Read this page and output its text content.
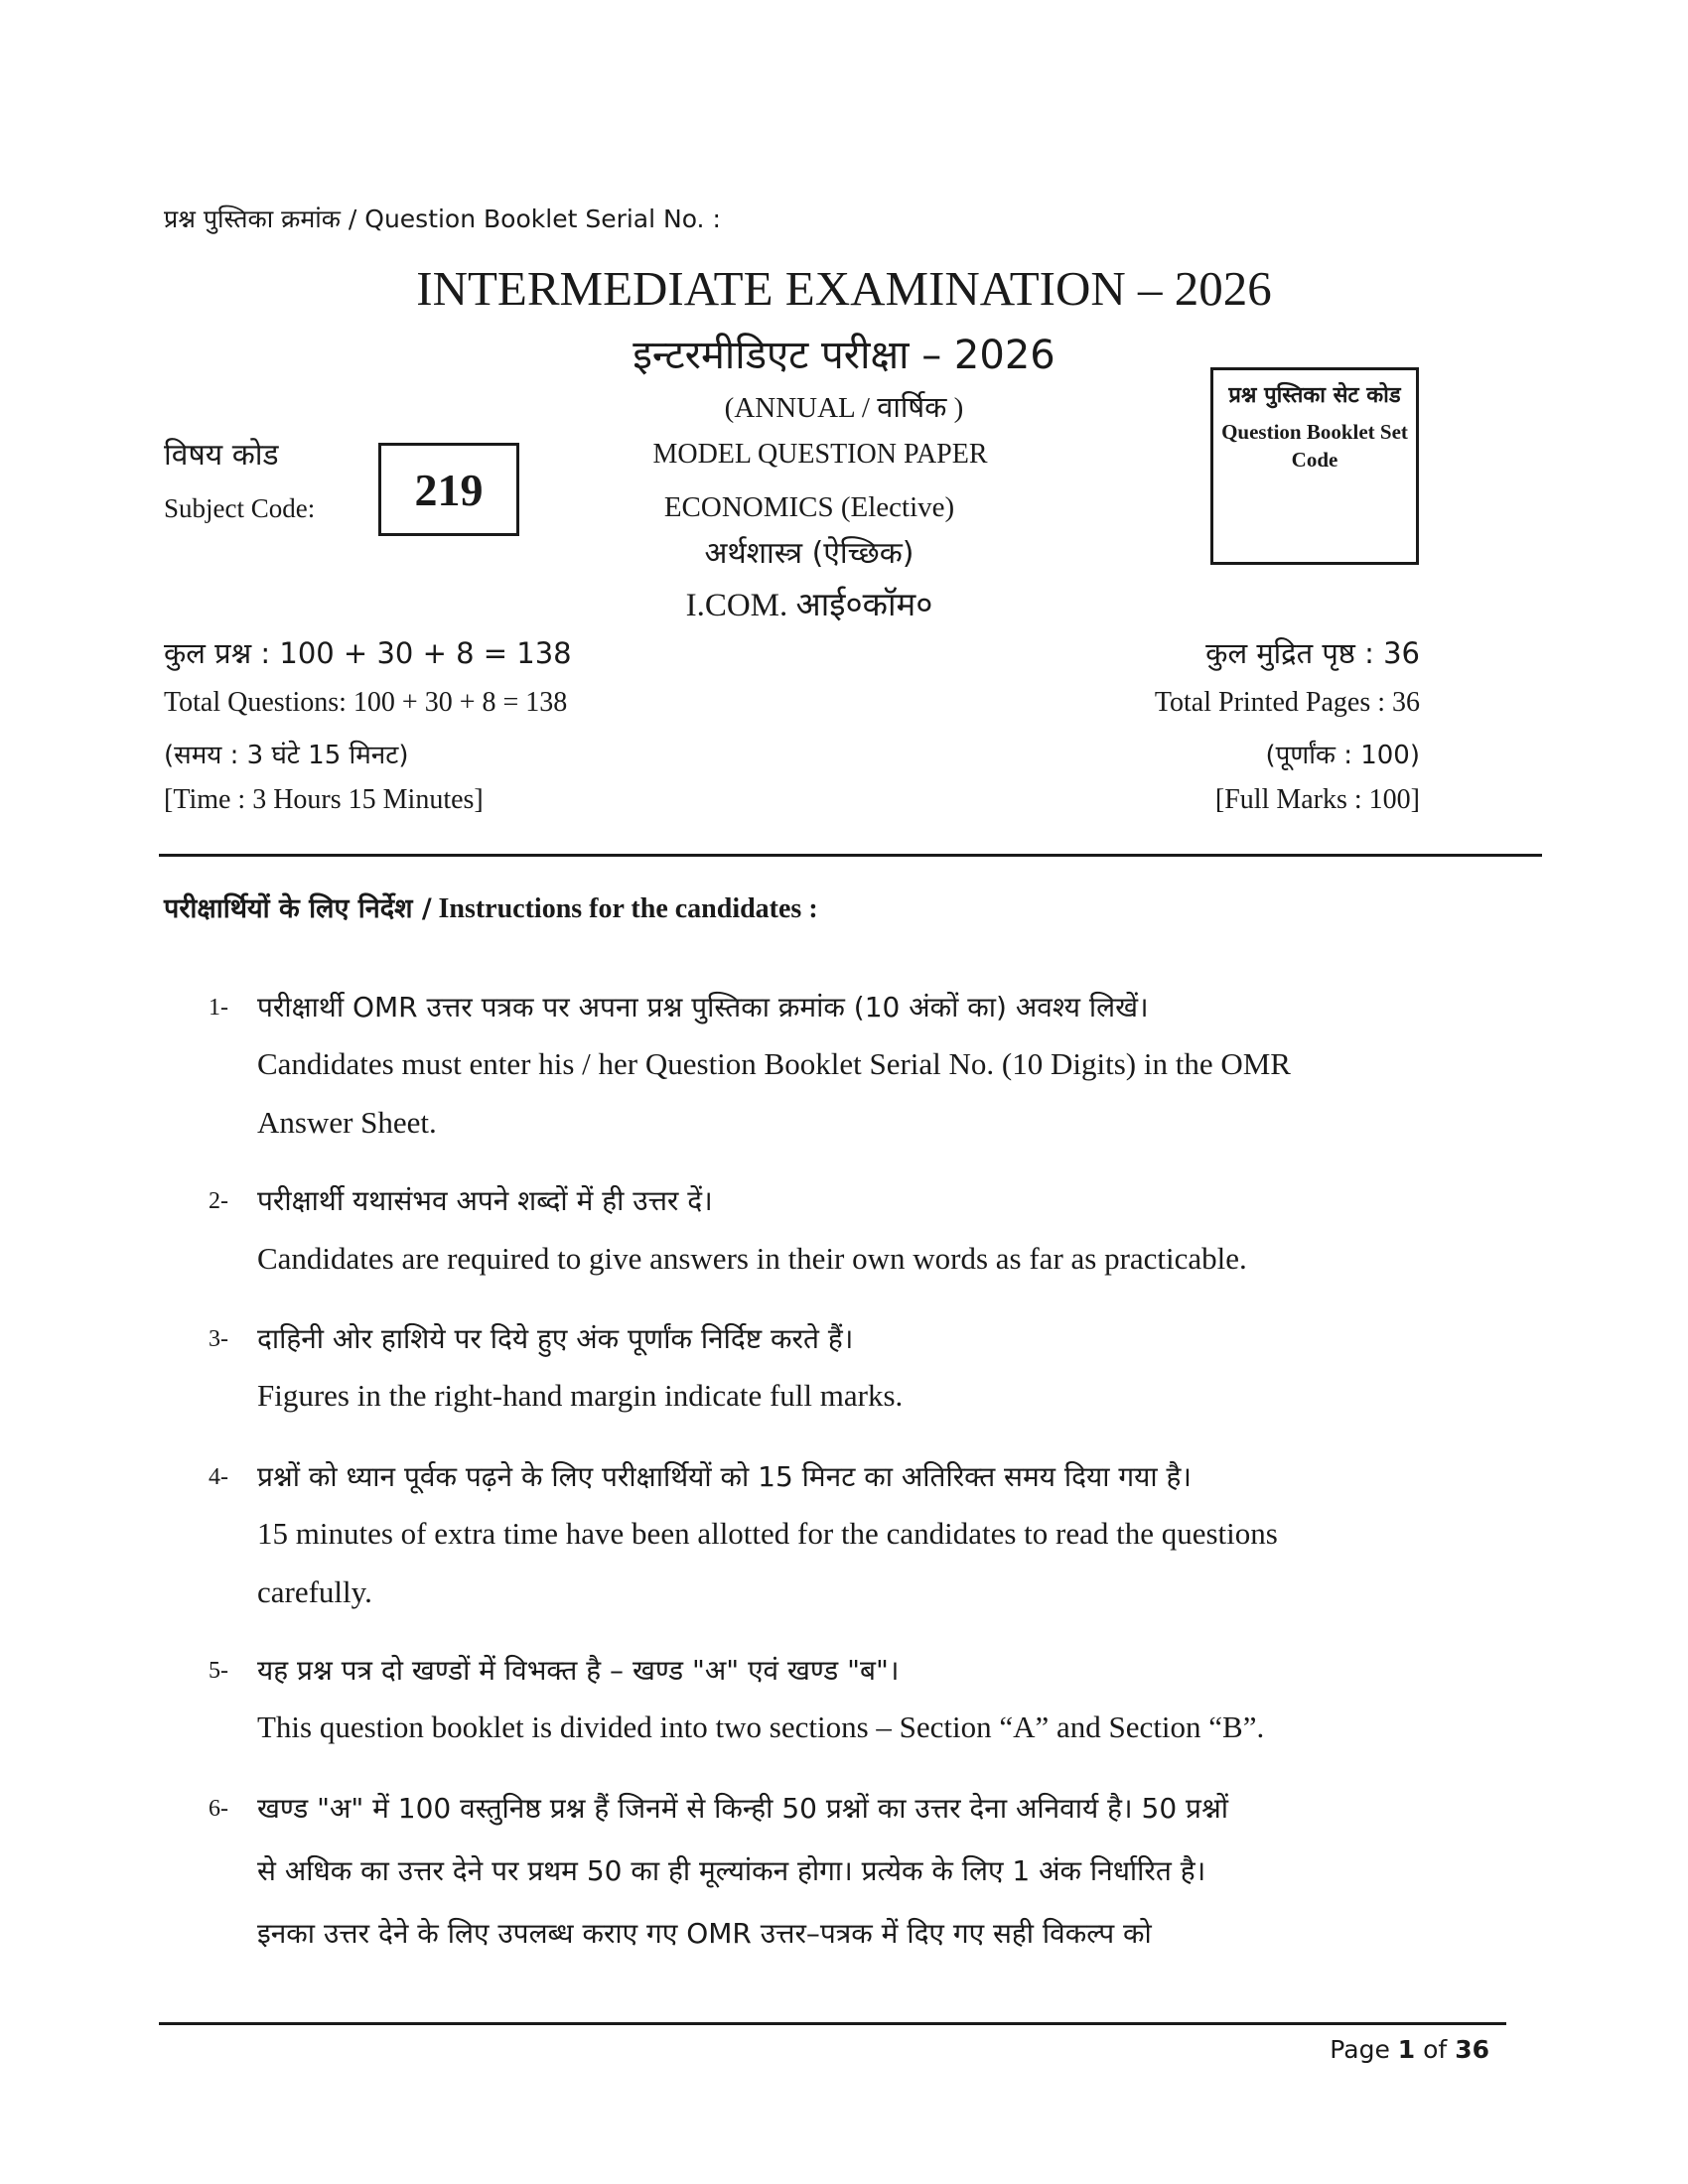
प्रश्न पुस्तिका क्रमांक / Question Booklet Serial No. :
INTERMEDIATE EXAMINATION – 2026
इन्टरमीडिएट परीक्षा – 2026
(ANNUAL / वार्षिक )
विषय कोड
Subject Code:	219
MODEL QUESTION PAPER
ECONOMICS (Elective)
अर्थशास्त्र (ऐच्छिक)
I.COM. आई०कॉम०
प्रश्न पुस्तिका सेट कोड
Question Booklet Set Code
कुल प्रश्न : 100 + 30 + 8 = 138
Total Questions: 100 + 30 + 8 = 138
(समय : 3 घंटे 15 मिनट)
[Time : 3 Hours 15 Minutes]
कुल मुद्रित पृष्ठ : 36
Total Printed Pages : 36
(पूर्णांक : 100)
[Full Marks : 100]
परीक्षार्थियों के लिए निर्देश / Instructions for the candidates :
1- परीक्षार्थी OMR उत्तर पत्रक पर अपना प्रश्न पुस्तिका क्रमांक (10 अंकों का) अवश्य लिखें।
Candidates must enter his / her Question Booklet Serial No. (10 Digits) in the OMR
Answer Sheet.
2- परीक्षार्थी यथासंभव अपने शब्दों में ही उत्तर दें।
Candidates are required to give answers in their own words as far as practicable.
3- दाहिनी ओर हाशिये पर दिये हुए अंक पूर्णांक निर्दिष्ट करते हैं।
Figures in the right-hand margin indicate full marks.
4- प्रश्नों को ध्यान पूर्वक पढ़ने के लिए परीक्षार्थियों को 15 मिनट का अतिरिक्त समय दिया गया है।
15 minutes of extra time have been allotted for the candidates to read the questions
carefully.
5- यह प्रश्न पत्र दो खण्डों में विभक्त है – खण्ड "अ" एवं खण्ड "ब"।
This question booklet is divided into two sections – Section “A” and Section “B”.
6- खण्ड "अ" में 100 वस्तुनिष्ठ प्रश्न हैं जिनमें से किन्ही 50 प्रश्नों का उत्तर देना अनिवार्य है। 50 प्रश्नों
से अधिक का उत्तर देने पर प्रथम 50 का ही मूल्यांकन होगा। प्रत्येक के लिए 1 अंक निर्धारित है।
इनका उत्तर देने के लिए उपलब्ध कराए गए OMR उत्तर–पत्रक में दिए गए सही विकल्प को
Page 1 of 36
